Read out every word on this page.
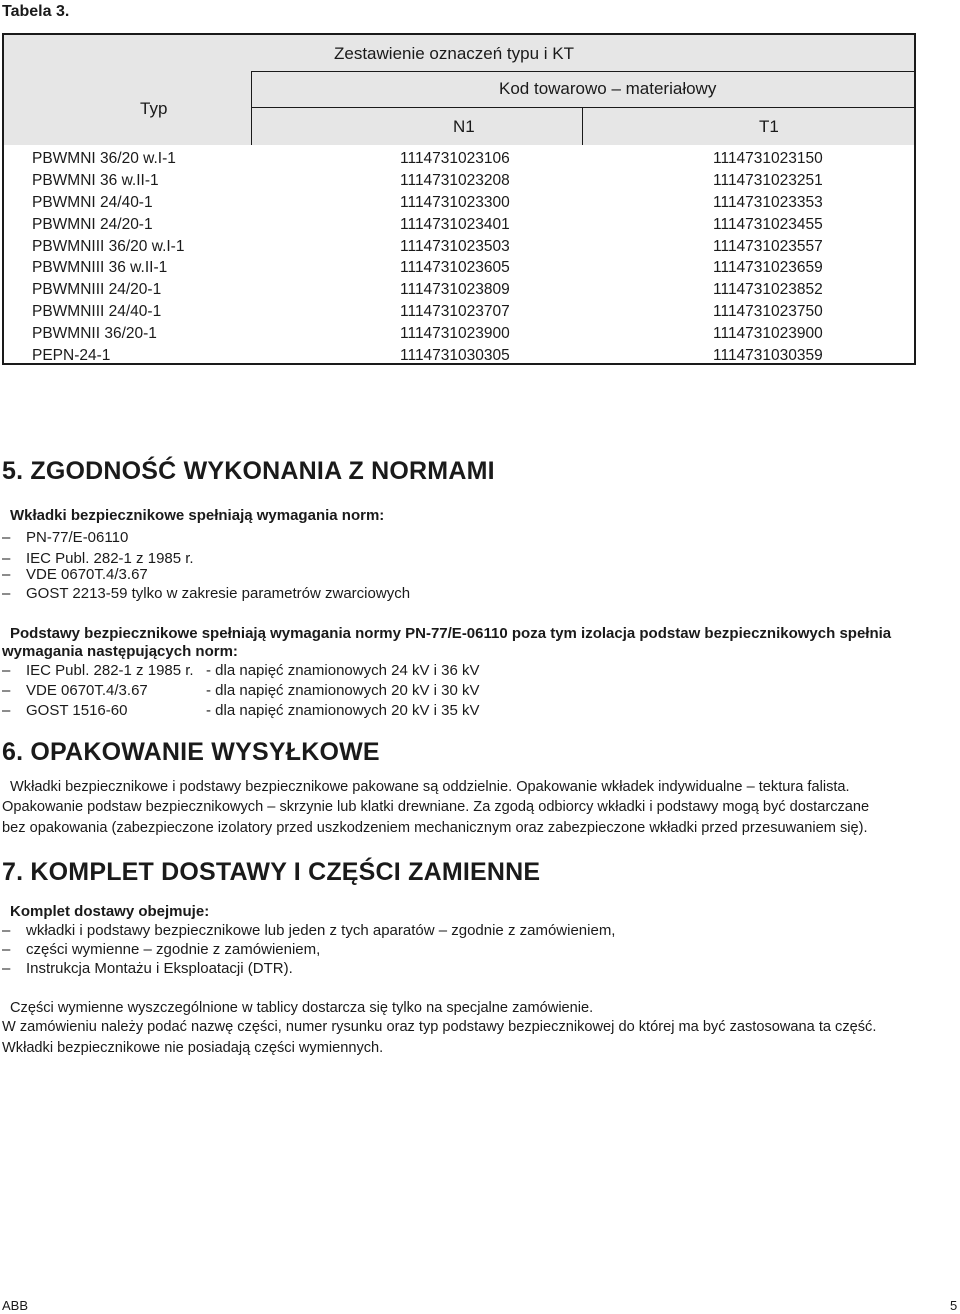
Tabela 3.
Zestawienie oznaczeń typu i KT
Typ
Kod towarowo – materiałowy
N1	T1
PBWMNI 36/20 w.I-1	1114731023106	1114731023150
PBWMNI 36 w.II-1	1114731023208	1114731023251
PBWMNI 24/40-1	1114731023300	1114731023353
PBWMNI 24/20-1	1114731023401	1114731023455
PBWMNIII 36/20 w.I-1	1114731023503	1114731023557
PBWMNIII 36 w.II-1	1114731023605	1114731023659
PBWMNIII 24/20-1	1114731023809	1114731023852
PBWMNIII 24/40-1	1114731023707	1114731023750
PBWMNII 36/20-1	1114731023900	1114731023900
PEPN-24-1	1114731030305	1114731030359
5. ZGODNOŚĆ WYKONANIA Z NORMAMI
Wkładki bezpiecznikowe spełniają wymagania norm:
– PN-77/E-06110
– IEC Publ. 282-1 z 1985 r.
– VDE 0670T.4/3.67
– GOST 2213-59 tylko w zakresie parametrów zwarciowych
Podstawy bezpiecznikowe spełniają wymagania normy PN-77/E-06110 poza tym izolacja podstaw bezpiecznikowych spełnia
wymagania następujących norm:
– IEC Publ. 282-1 z 1985 r. - dla napięć znamionowych 24 kV i 36 kV
– VDE 0670T.4/3.67	- dla napięć znamionowych 20 kV i 30 kV
– GOST 1516-60	- dla napięć znamionowych 20 kV i 35 kV
6. OPAKOWANIE WYSYŁKOWE
Wkładki bezpiecznikowe i podstawy bezpiecznikowe pakowane są oddzielnie. Opakowanie wkładek indywidualne – tektura falista.
Opakowanie podstaw bezpiecznikowych – skrzynie lub klatki drewniane. Za zgodą odbiorcy wkładki i podstawy mogą być dostarczane
bez opakowania (zabezpieczone izolatory przed uszkodzeniem mechanicznym oraz zabezpieczone wkładki przed przesuwaniem się).
7. KOMPLET DOSTAWY I CZĘŚCI ZAMIENNE
Komplet dostawy obejmuje:
– wkładki i podstawy bezpiecznikowe lub jeden z tych aparatów – zgodnie z zamówieniem,
– części wymienne – zgodnie z zamówieniem,
– Instrukcja Montażu i Eksploatacji (DTR).
Części wymienne wyszczególnione w tablicy dostarcza się tylko na specjalne zamówienie.
W zamówieniu należy podać nazwę części, numer rysunku oraz typ podstawy bezpiecznikowej do której ma być zastosowana ta część.
Wkładki bezpiecznikowe nie posiadają części wymiennych.
ABB	5
